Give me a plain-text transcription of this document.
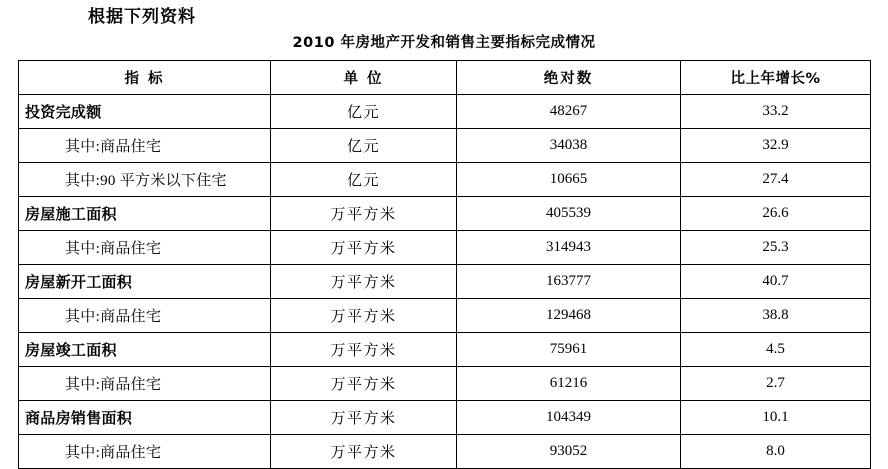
根据下列资料
2010 年房地产开发和销售主要指标完成情况
指 标	单 位	绝对数	比上年增长%
投资完成额	亿元	48267	33.2
其中:商品住宅	亿元	34038	32.9
其中:90 平方米以下住宅	亿元	10665	27.4
房屋施工面积	万平方米	405539	26.6
其中:商品住宅	万平方米	314943	25.3
房屋新开工面积	万平方米	163777	40.7
其中:商品住宅	万平方米	129468	38.8
房屋竣工面积	万平方米	75961	4.5
其中:商品住宅	万平方米	61216	2.7
商品房销售面积	万平方米	104349	10.1
其中:商品住宅	万平方米	93052	8.0
